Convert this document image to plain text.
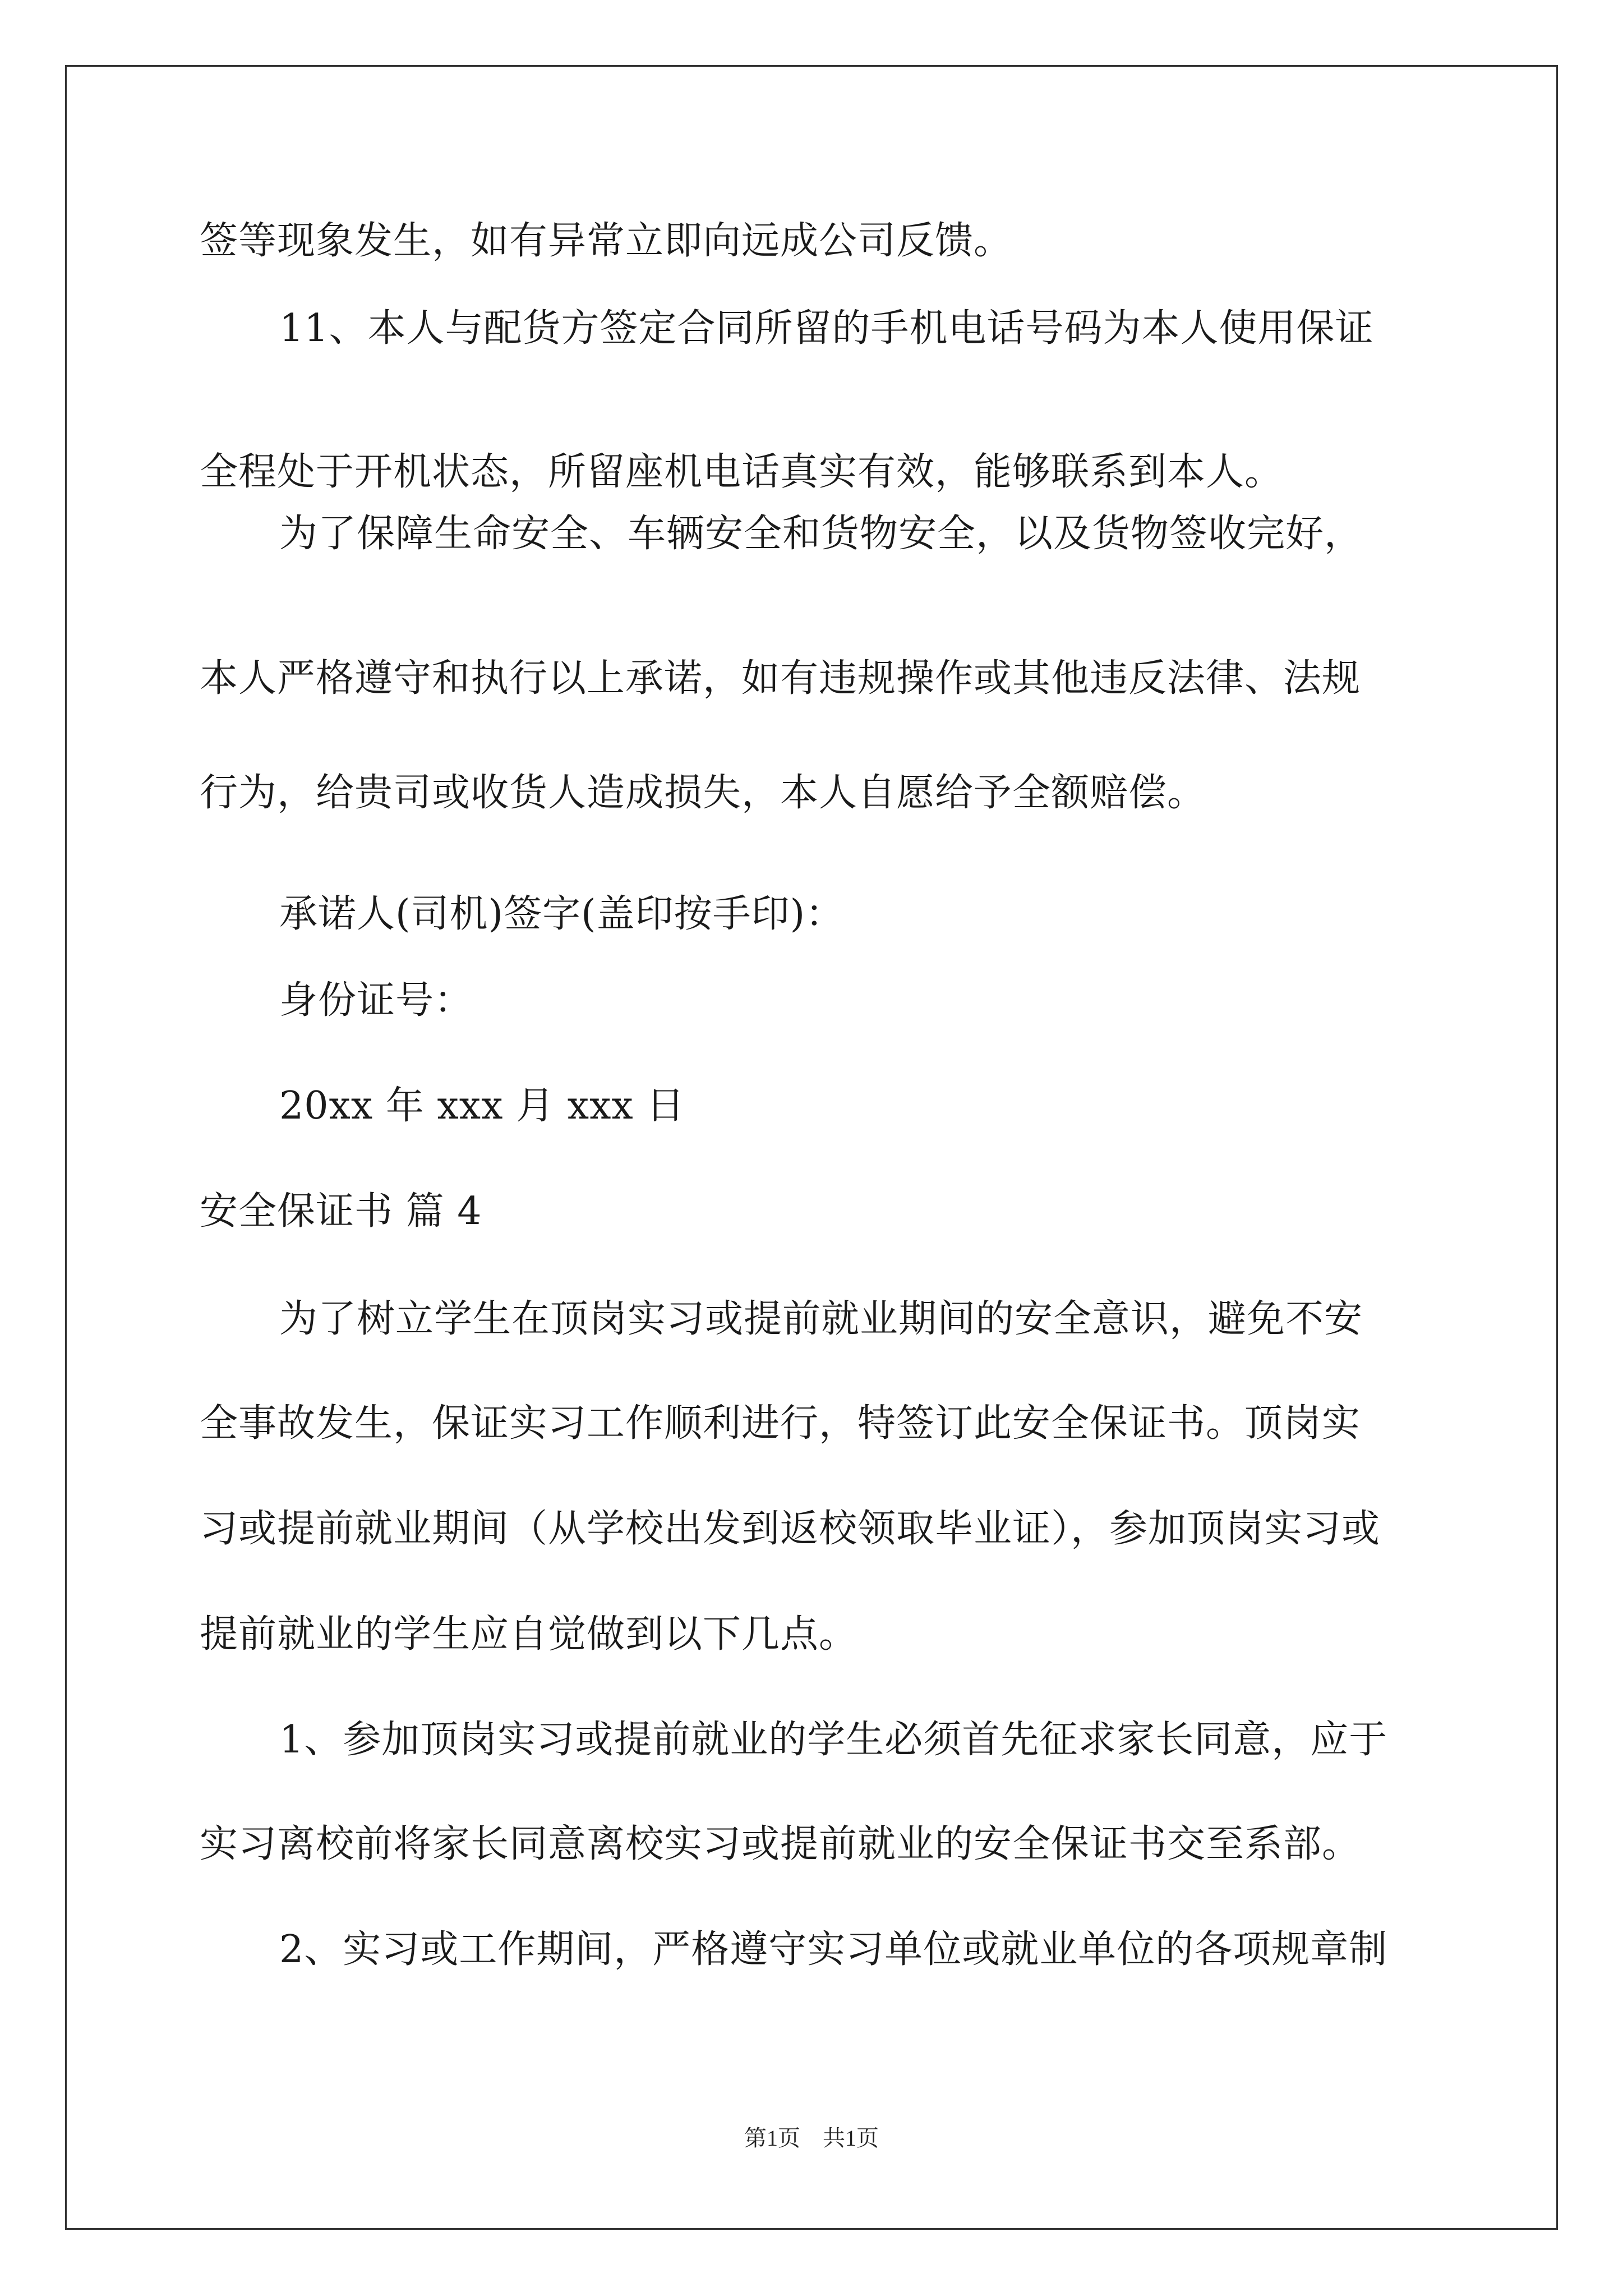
签等现象发生，如有异常立即向远成公司反馈。
11、本人与配货方签定合同所留的手机电话号码为本人使用保证
全程处于开机状态，所留座机电话真实有效，能够联系到本人。
为了保障生命安全、车辆安全和货物安全，以及货物签收完好，
本人严格遵守和执行以上承诺，如有违规操作或其他违反法律、法规
行为，给贵司或收货人造成损失，本人自愿给予全额赔偿。
承诺人(司机)签字(盖印按手印)：
身份证号：
20xx 年 xxx 月 xxx 日
安全保证书 篇 4
为了树立学生在顶岗实习或提前就业期间的安全意识，避免不安
全事故发生，保证实习工作顺利进行，特签订此安全保证书。顶岗实
习或提前就业期间（从学校出发到返校领取毕业证），参加顶岗实习或
提前就业的学生应自觉做到以下几点。
1、参加顶岗实习或提前就业的学生必须首先征求家长同意，应于
实习离校前将家长同意离校实习或提前就业的安全保证书交至系部。
2、实习或工作期间，严格遵守实习单位或就业单位的各项规章制
第1页　共1页
